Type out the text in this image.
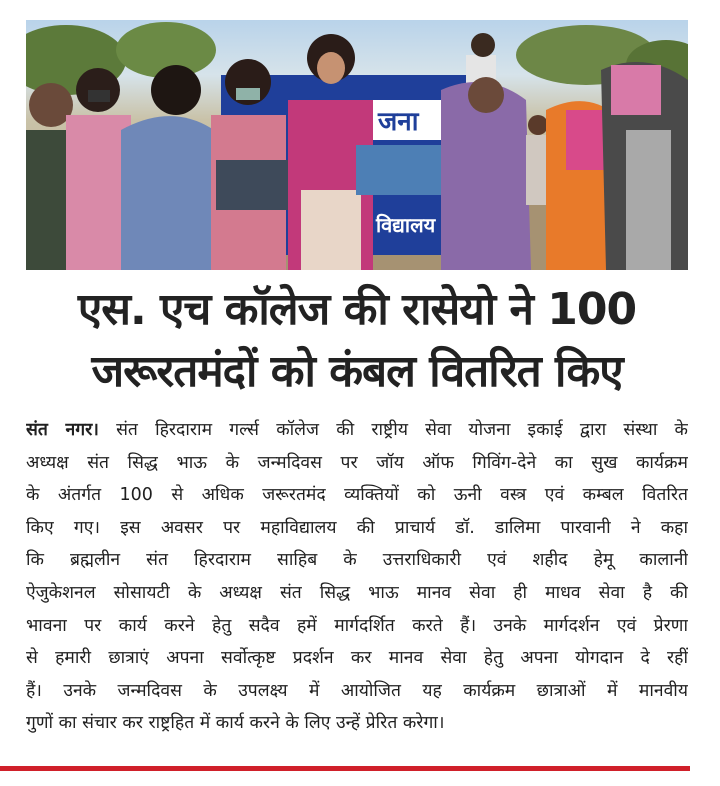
जना
विद्यालय
एस. एच कॉलेज की रासेयो ने 100
जरूरतमंदों को कंबल वितरित किए
संत नगर। संत हिरदाराम गर्ल्स कॉलेज की राष्ट्रीय सेवा योजना इकाई द्वारा संस्था के
अध्यक्ष संत सिद्ध भाऊ के जन्मदिवस पर जॉय ऑफ गिविंग-देने का सुख कार्यक्रम
के अंतर्गत 100 से अधिक जरूरतमंद व्यक्तियों को ऊनी वस्त्र एवं कम्बल वितरित
किए गए। इस अवसर पर महाविद्यालय की प्राचार्य डॉ. डालिमा पारवानी ने कहा
कि ब्रह्मलीन संत हिरदाराम साहिब के उत्तराधिकारी एवं शहीद हेमू कालानी
ऐजुकेशनल सोसायटी के अध्यक्ष संत सिद्ध भाऊ मानव सेवा ही माधव सेवा है की
भावना पर कार्य करने हेतु सदैव हमें मार्गदर्शित करते हैं। उनके मार्गदर्शन एवं प्रेरणा
से हमारी छात्राएं अपना सर्वोत्कृष्ट प्रदर्शन कर मानव सेवा हेतु अपना योगदान दे रहीं
हैं। उनके जन्मदिवस के उपलक्ष्य में आयोजित यह कार्यक्रम छात्राओं में मानवीय
गुणों का संचार कर राष्ट्रहित में कार्य करने के लिए उन्हें प्रेरित करेगा।
